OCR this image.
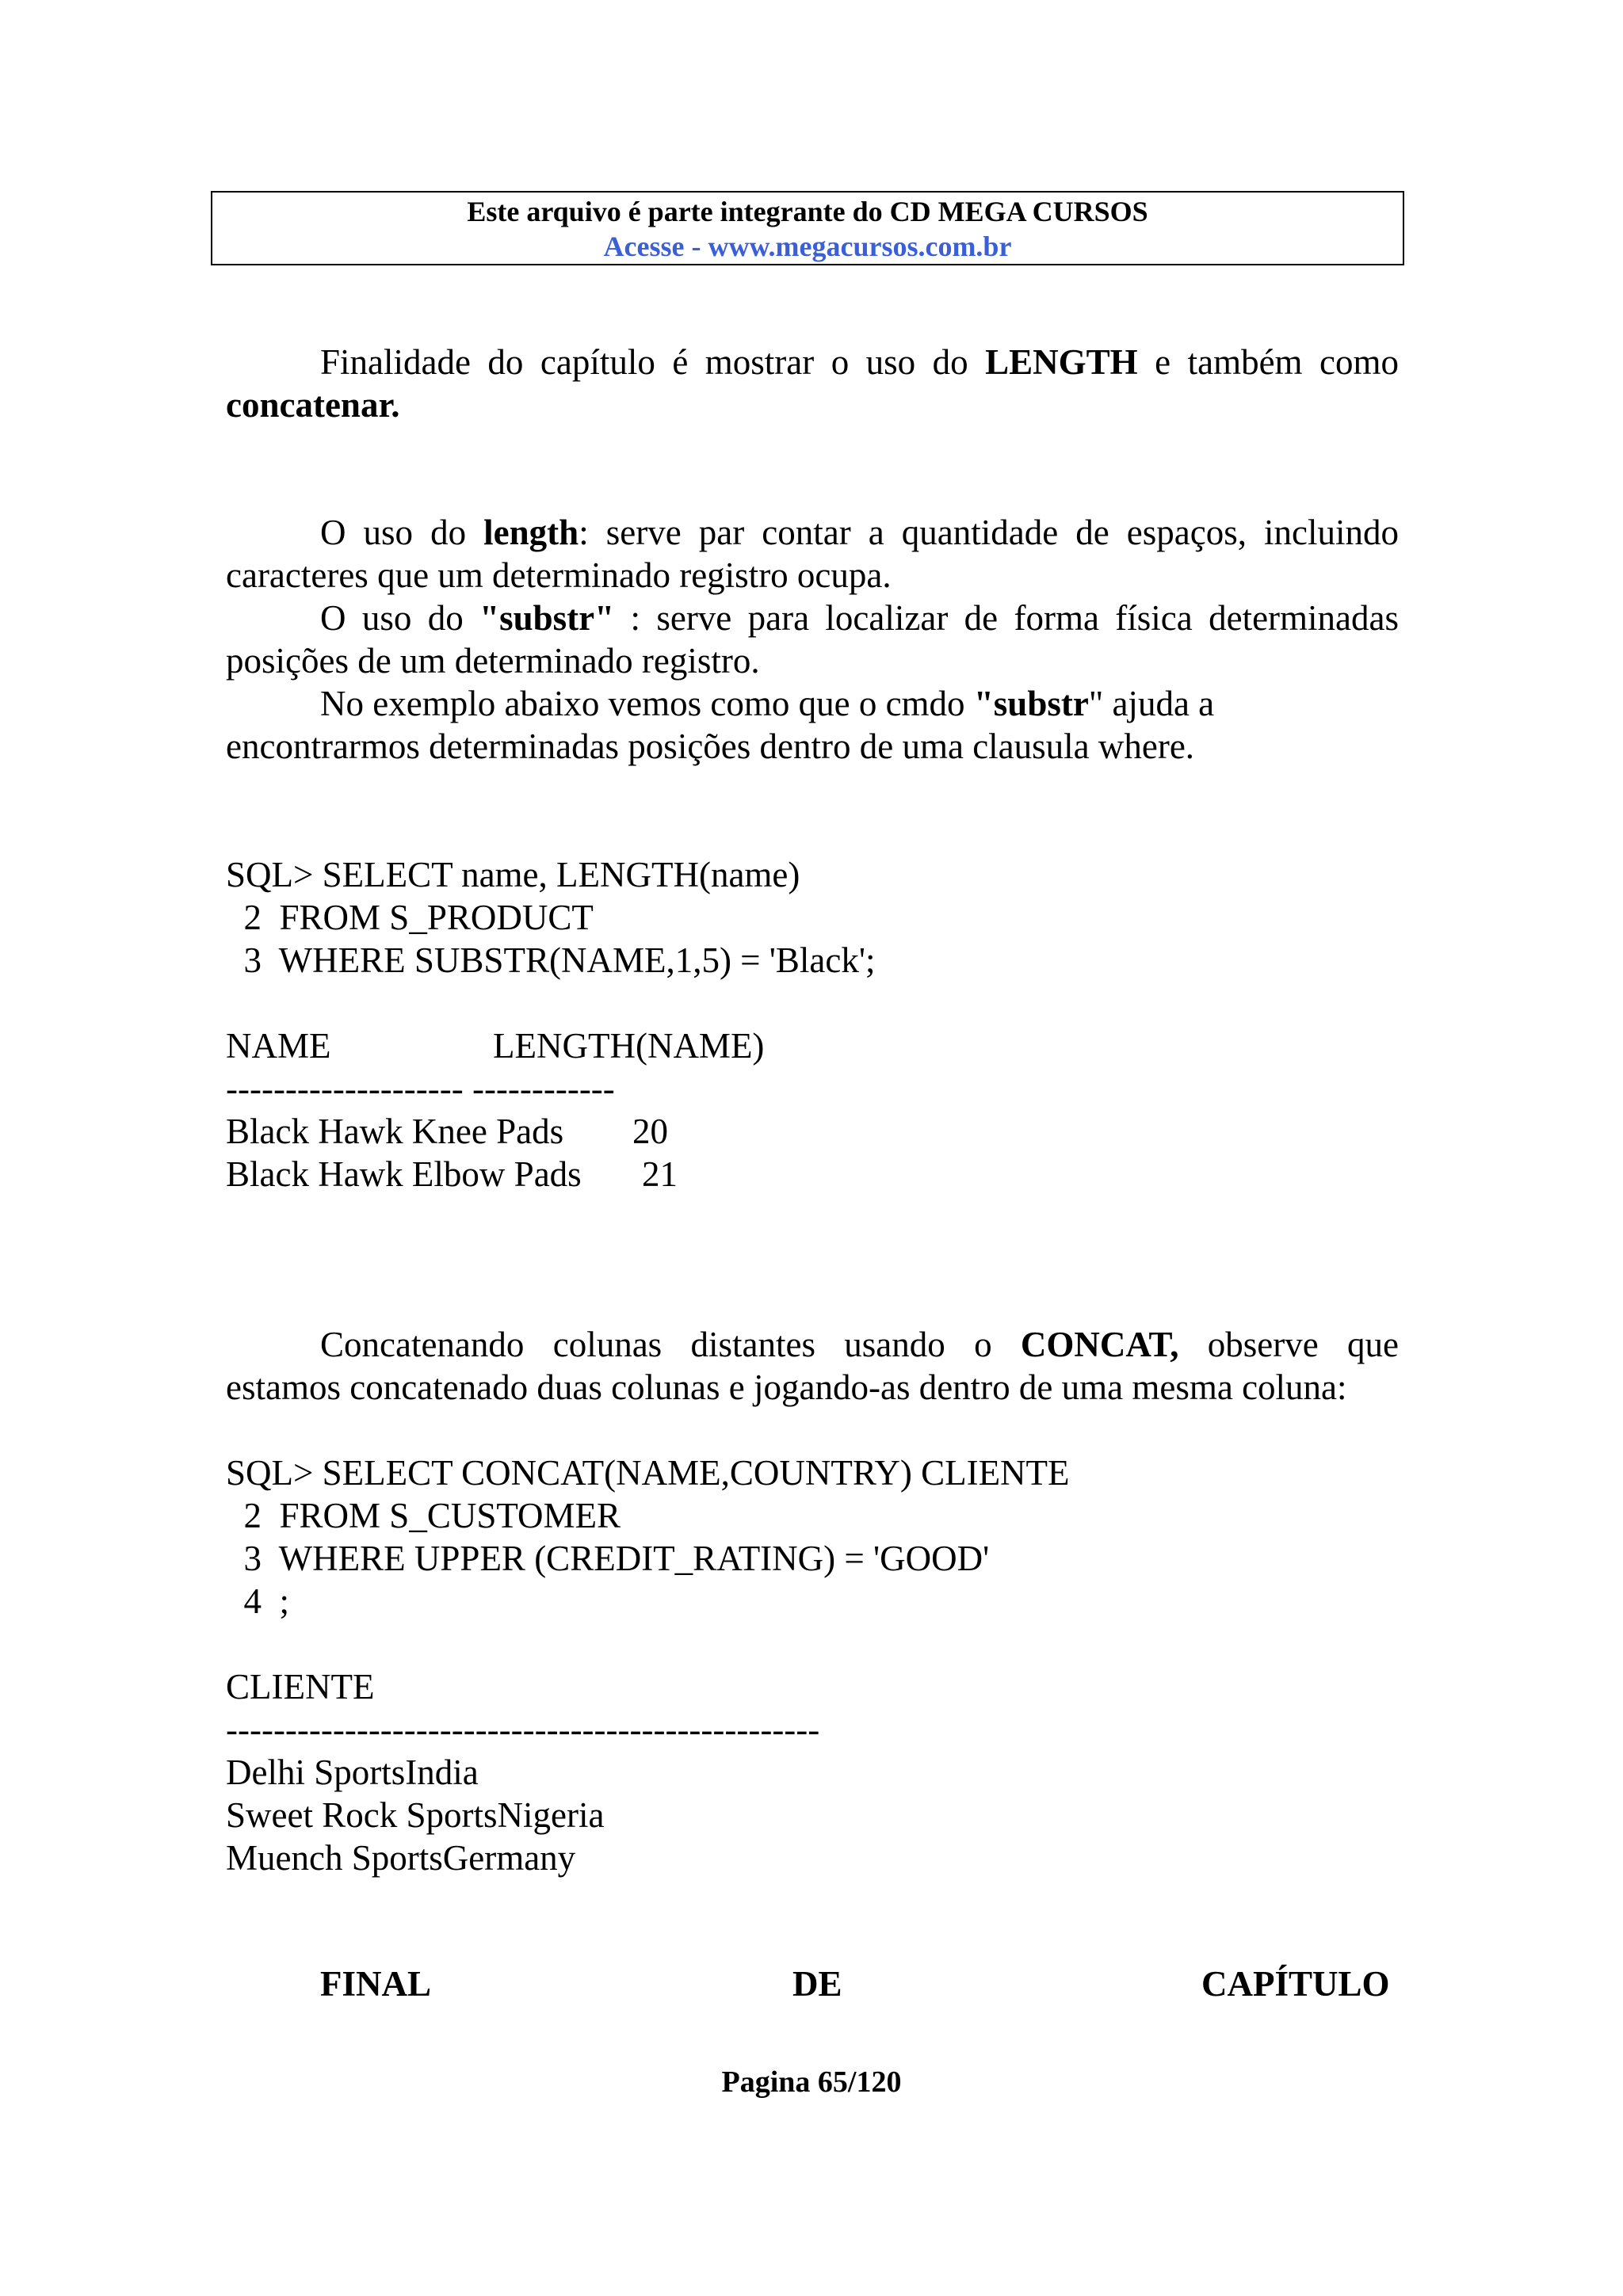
Este arquivo é parte integrante do CD MEGA CURSOS
Acesse - www.megacursos.com.br
Finalidade do capítulo é mostrar o uso do LENGTH e também como
concatenar.
O uso do length: serve par contar a quantidade de espaços, incluindo caracteres que um determinado registro ocupa.
O uso do "substr" : serve para localizar de forma física determinadas posições de um determinado registro.
No exemplo abaixo vemos como que o cmdo "substr" ajuda a
encontrarmos determinadas posições dentro de uma clausula where.
SQL> SELECT name, LENGTH(name)
2  FROM S_PRODUCT
3  WHERE SUBSTR(NAME,1,5) = 'Black';
NAME	LENGTH(NAME)
-------------------- ------------
Black Hawk Knee Pads 20
Black Hawk Elbow Pads 21
Concatenando colunas distantes usando o CONCAT, observe que
estamos concatenado duas colunas e jogando-as dentro de uma mesma coluna:
SQL> SELECT CONCAT(NAME,COUNTRY) CLIENTE
2  FROM S_CUSTOMER
3  WHERE UPPER (CREDIT_RATING) = 'GOOD'
4  ;
CLIENTE
--------------------------------------------------
Delhi SportsIndia
Sweet Rock SportsNigeria
Muench SportsGermany
FINAL	DE	CAPÍTULO
Pagina 65/120
